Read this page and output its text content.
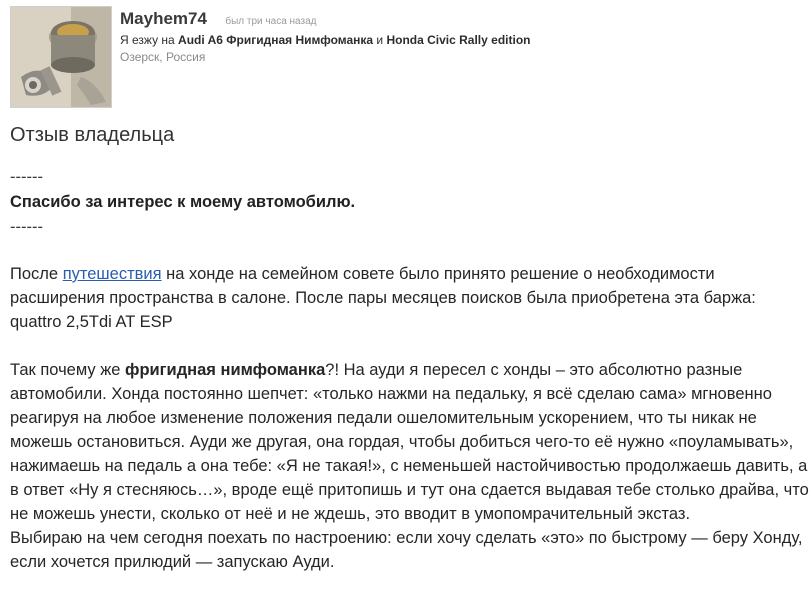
Mayhem74 был три часа назад
Я езжу на Audi A6 Фригидная Нимфоманка и Honda Civic Rally edition
Озерск, Россия
Отзыв владельца
------
Спасибо за интерес к моему автомобилю.
------

После путешествия на хонде на семейном совете было принято решение о необходимости расширения пространства в салоне. После пары месяцев поисков была приобретена эта баржа: quattro 2,5Tdi AT ESP

Так почему же фригидная нимфоманка?! На ауди я пересел с хонды – это абсолютно разные автомобили. Хонда постоянно шепчет: «только нажми на педальку, я всё сделаю сама» мгновенно реагируя на любое изменение положения педали ошеломительным ускорением, что ты никак не можешь остановиться. Ауди же другая, она гордая, чтобы добиться чего-то её нужно «поуламывать», нажимаешь на педаль а она тебе: «Я не такая!», с неменьшей настойчивостью продолжаешь давить, а в ответ «Ну я стесняюсь…», вроде ещё притопишь и тут она сдается выдавая тебе столько драйва, что не можешь унести, сколько от неё и не ждешь, это вводит в умопомрачительный экстаз.

Выбираю на чем сегодня поехать по настроению: если хочу сделать «это» по быстрому — беру Хонду, если хочется прилюдий — запускаю Ауди.
